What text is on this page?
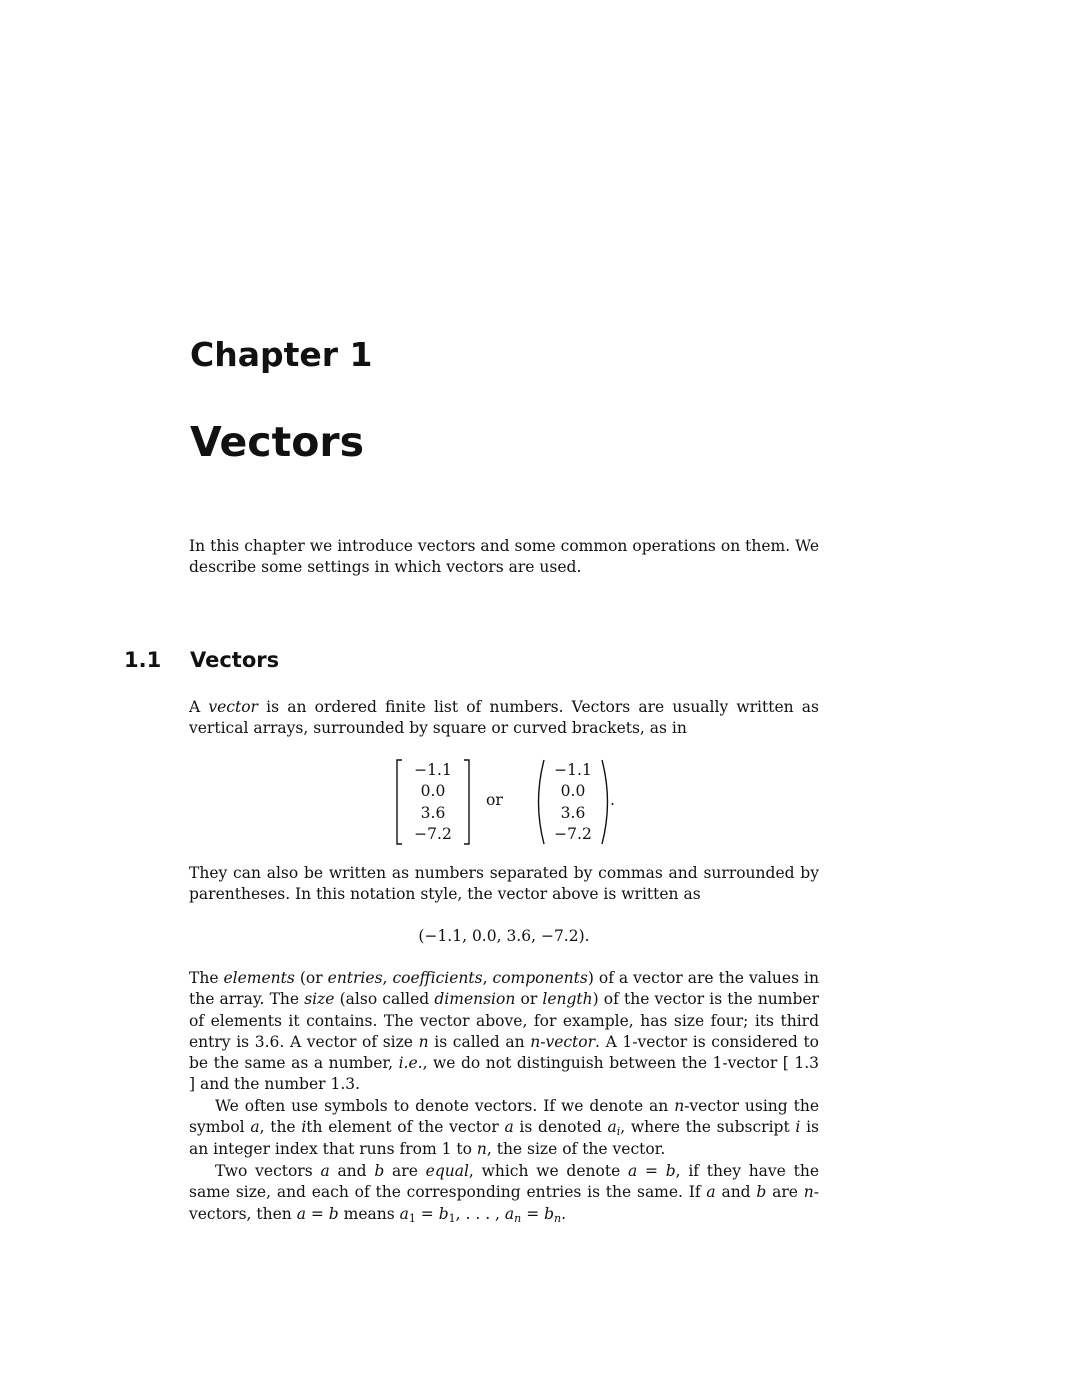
Chapter 1
Vectors

In this chapter we introduce vectors and some common operations on them. We describe some settings in which vectors are used.

1.1 Vectors

A vector is an ordered finite list of numbers. Vectors are usually written as vertical arrays, surrounded by square or curved brackets, as in

−1.1
0.0
3.6
−7.2
or
−1.1
0.0
3.6
−7.2
.

They can also be written as numbers separated by commas and surrounded by parentheses. In this notation style, the vector above is written as

(−1.1, 0.0, 3.6, −7.2).

The elements (or entries, coefficients, components) of a vector are the values in the array. The size (also called dimension or length) of the vector is the number of elements it contains. The vector above, for example, has size four; its third entry is 3.6. A vector of size n is called an n-vector. A 1-vector is considered to be the same as a number, i.e., we do not distinguish between the 1-vector [ 1.3 ] and the number 1.3.

We often use symbols to denote vectors. If we denote an n-vector using the symbol a, the ith element of the vector a is denoted $a_i$, where the subscript i is an integer index that runs from 1 to n, the size of the vector.

Two vectors a and b are equal, which we denote a = b, if they have the same size, and each of the corresponding entries is the same. If a and b are n-vectors, then a = b means $a_1 = b_1$, . . . , $a_n = b_n$.
